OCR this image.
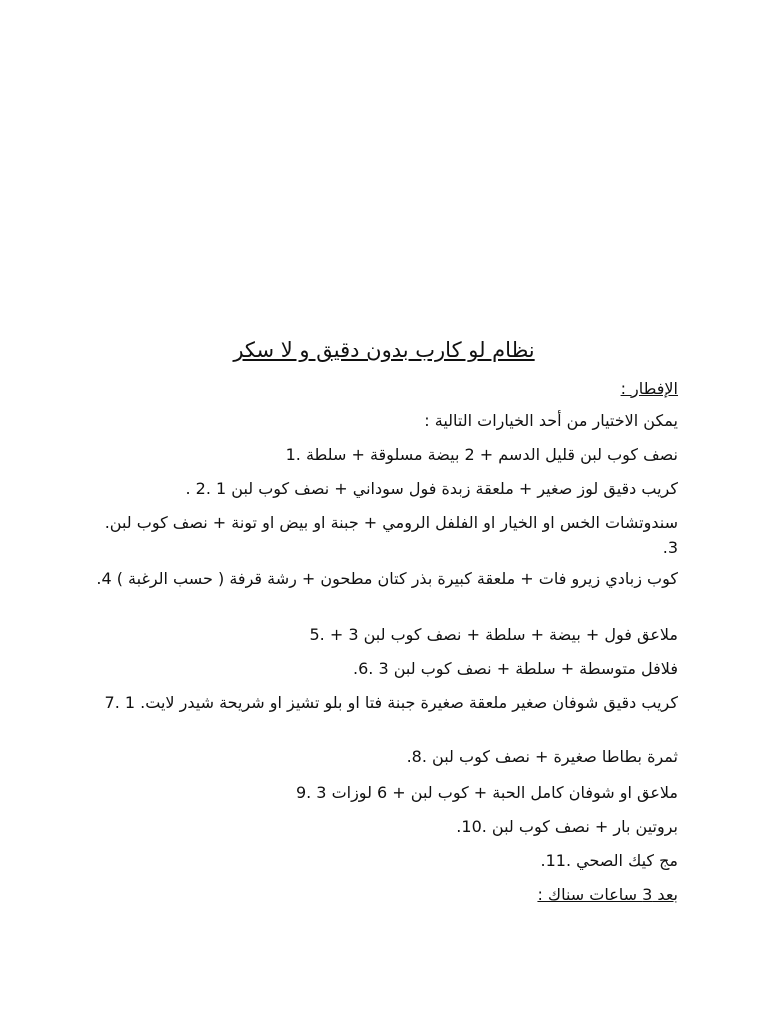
نظام لو كارب بدون دقيق و لا سكر
الإفطار :
يمكن الاختيار من أحد الخيارات التالية :
نصف كوب لبن قليل الدسم + 2 بيضة مسلوقة + سلطة .1
كريب دقيق لوز صغير + ملعقة زبدة فول سوداني + نصف كوب لبن 1 .2 .
سندوتشات الخس او الخيار او الفلفل الرومي + جبنة او بيض او تونة + نصف كوب لبن. 3.
كوب زبادي زيرو فات + ملعقة كبيرة بذر كتان مطحون + رشة قرفة ( حسب الرغبة ) 4.
ملاعق فول + بيضة + سلطة + نصف كوب لبن 3 + .5
فلافل متوسطة + سلطة + نصف كوب لبن 3 .6.
كريب دقيق شوفان صغير ملعقة صغيرة جبنة فتا او بلو تشيز او شريحة شيدر لايت. 1 .7
ثمرة بطاطا صغيرة + نصف كوب لبن .8.
ملاعق او شوفان كامل الحبة + كوب لبن + 6 لوزات 3 .9
بروتين بار + نصف كوب لبن .10.
مج كيك الصحي .11.
بعد 3 ساعات سناك :
